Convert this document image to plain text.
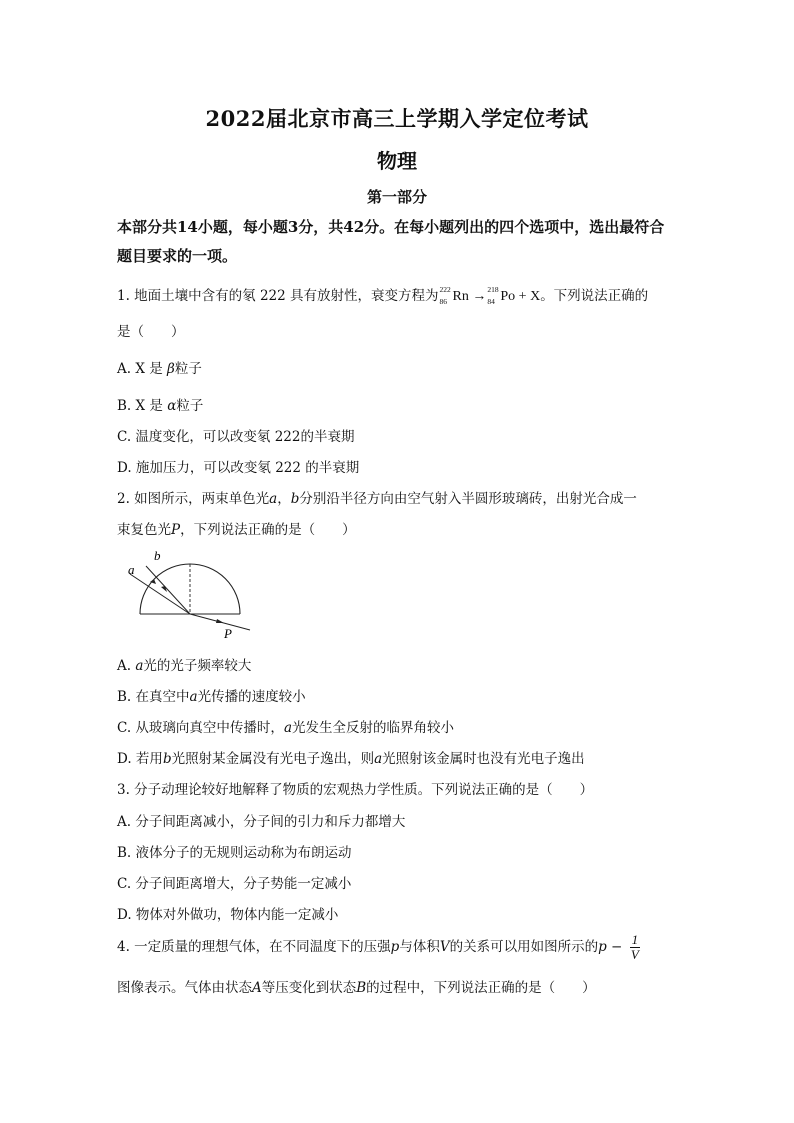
2022届北京市高三上学期入学定位考试
物理
第一部分
本部分共14小题，每小题3分，共42分。在每小题列出的四个选项中，选出最符合题目要求的一项。
1. 地面土壤中含有的氡 222 具有放射性，衰变方程为 222
86 Rn → 218
84 Po + X。下列说法正确的
是（　　）
A. X 是 β粒子
B. X 是 α粒子
C. 温度变化，可以改变氡 222的半衰期
D. 施加压力，可以改变氡 222 的半衰期
2. 如图所示，两束单色光a，b分别沿半径方向由空气射入半圆形玻璃砖，出射光合成一
束复色光P，下列说法正确的是（　　）
a
b
P
A. a光的光子频率较大
B. 在真空中a光传播的速度较小
C. 从玻璃向真空中传播时，a光发生全反射的临界角较小
D. 若用b光照射某金属没有光电子逸出，则a光照射该金属时也没有光电子逸出
3. 分子动理论较好地解释了物质的宏观热力学性质。下列说法正确的是（　　）
A. 分子间距离减小，分子间的引力和斥力都增大
B. 液体分子的无规则运动称为布朗运动
C. 分子间距离增大，分子势能一定减小
D. 物体对外做功，物体内能一定减小
4. 一定质量的理想气体，在不同温度下的压强p与体积V的关系可以用如图所示的$p - \frac{1}{V}$
图像表示。气体由状态A等压变化到状态B的过程中，下列说法正确的是（　　）
